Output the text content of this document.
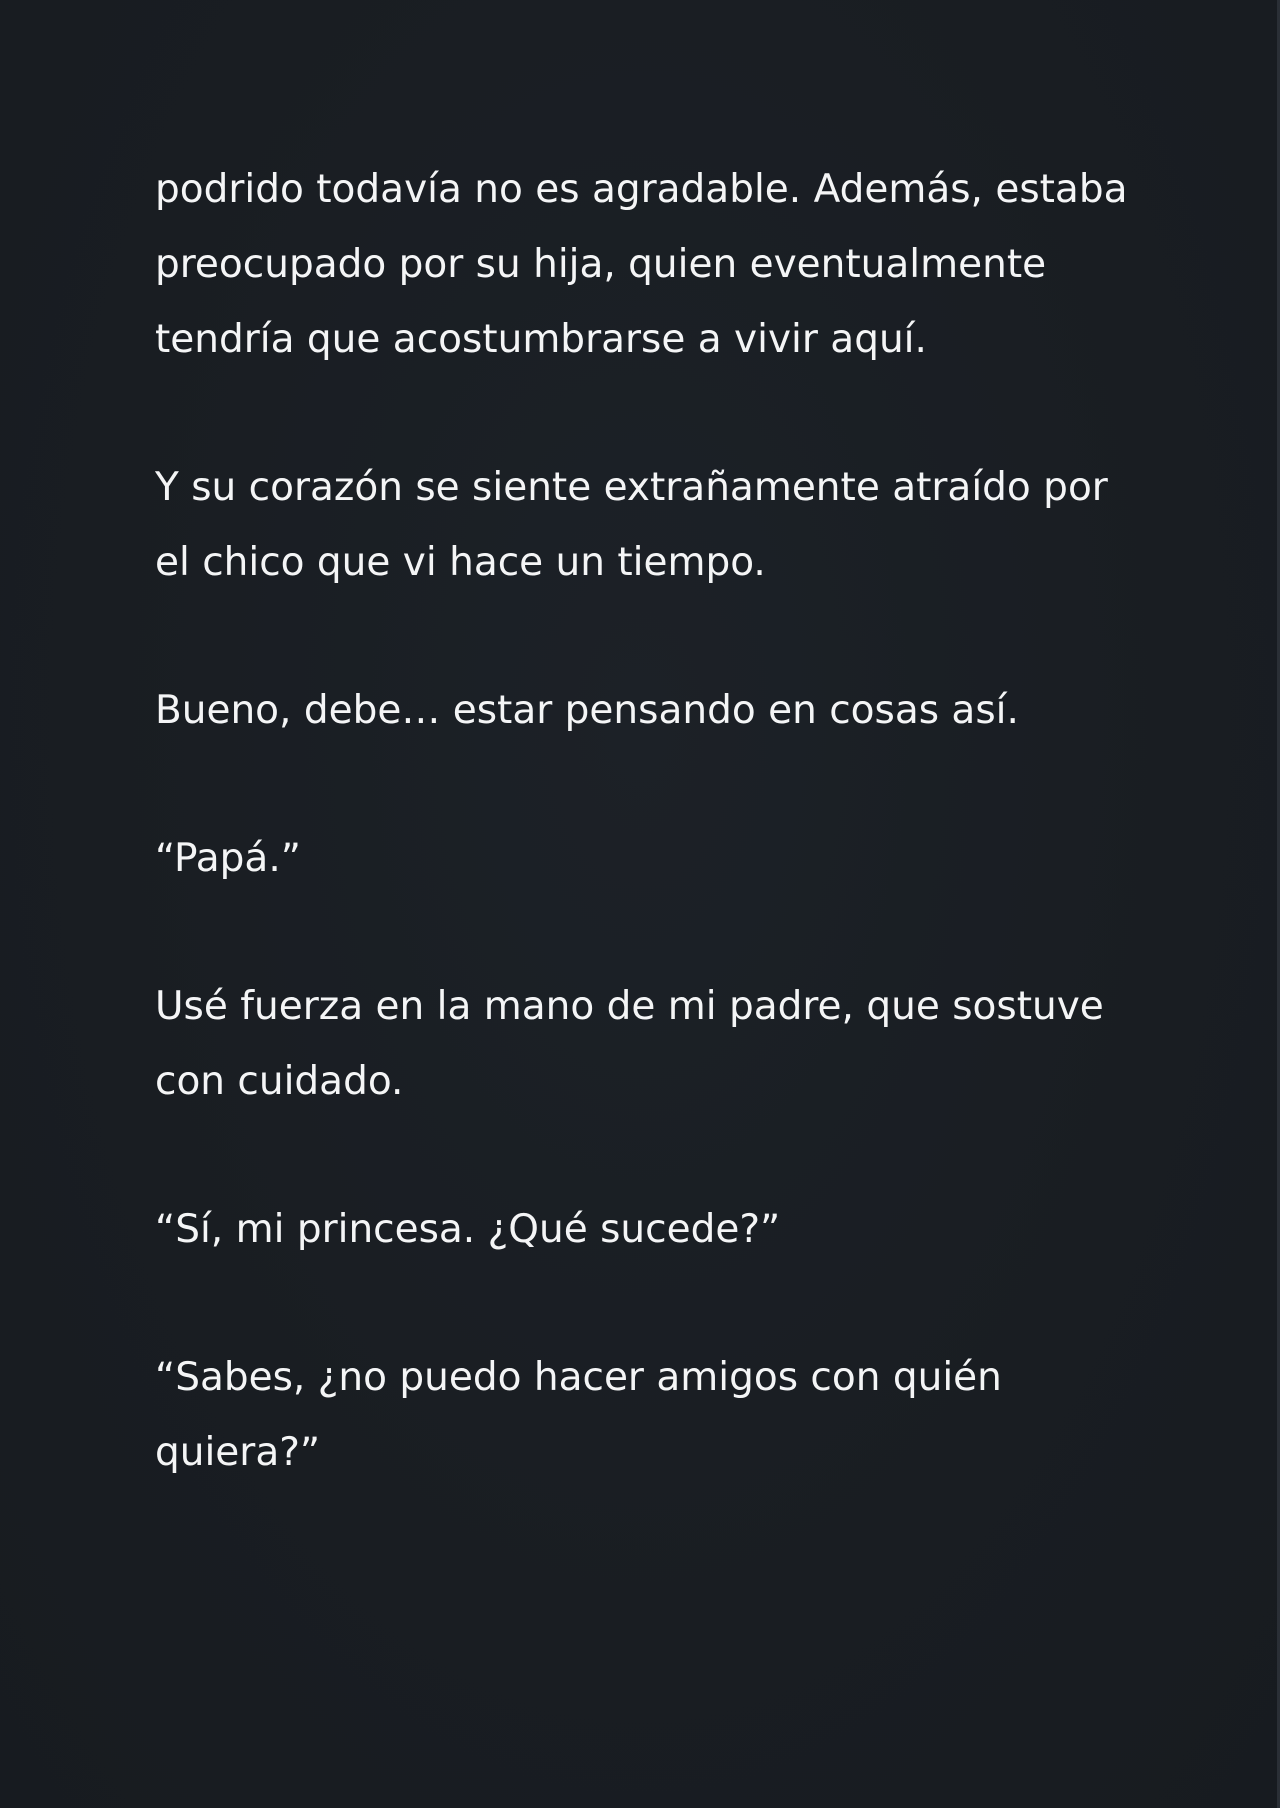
podrido todavía no es agradable. Además, estaba preocupado por su hija, quien eventualmente tendría que acostumbrarse a vivir aquí.

Y su corazón se siente extrañamente atraído por el chico que vi hace un tiempo.

Bueno, debe… estar pensando en cosas así.

“Papá.”

Usé fuerza en la mano de mi padre, que sostuve con cuidado.

“Sí, mi princesa. ¿Qué sucede?”

“Sabes, ¿no puedo hacer amigos con quién quiera?”
